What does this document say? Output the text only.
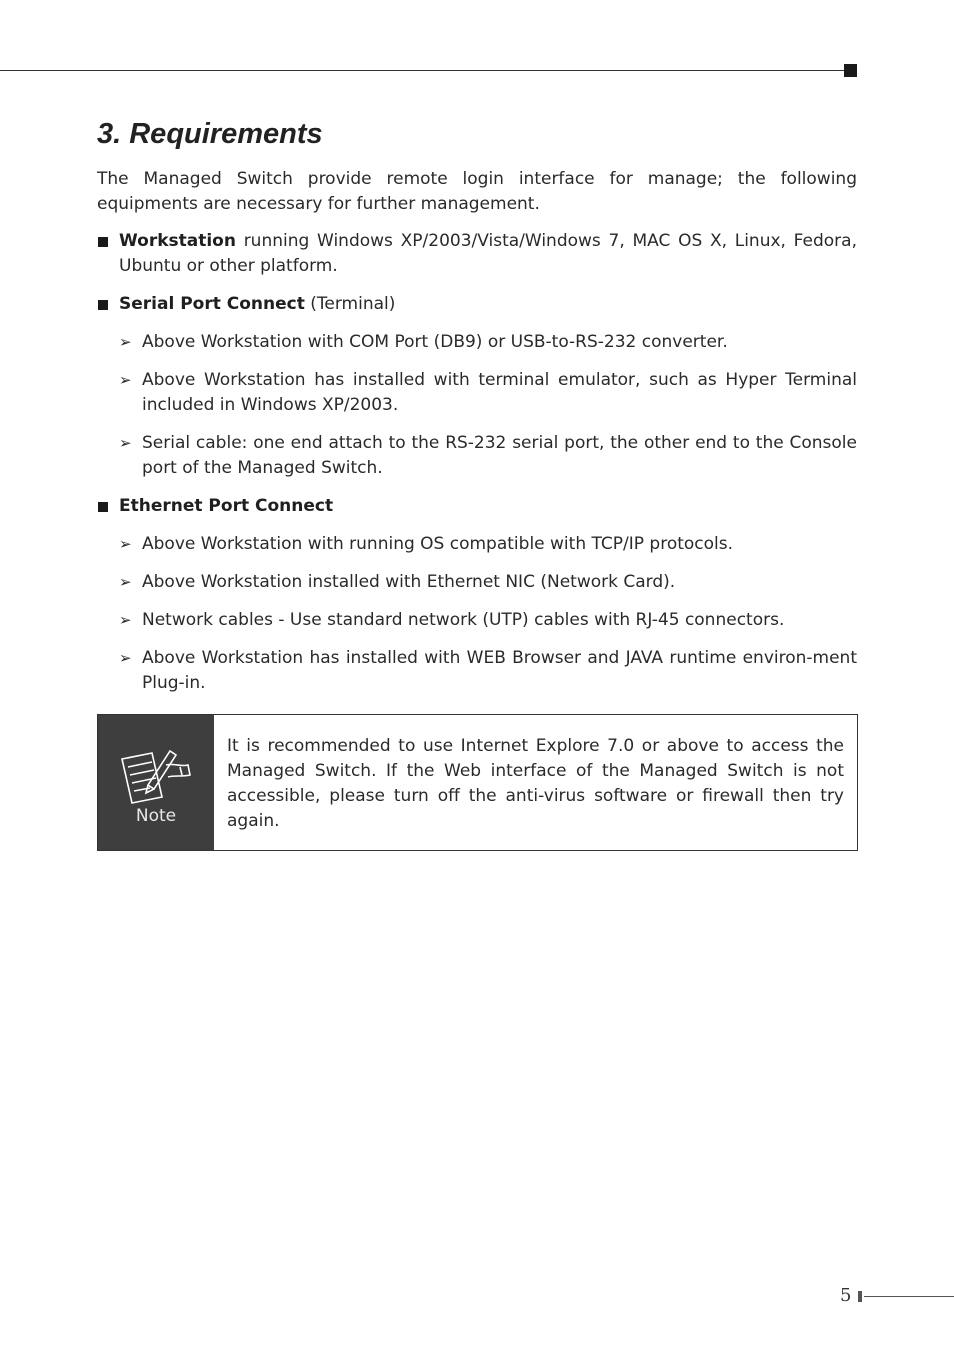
3. Requirements

The Managed Switch provide remote login interface for manage; the following equipments are necessary for further management.

Workstation running Windows XP/2003/Vista/Windows 7, MAC OS X, Linux, Fedora, Ubuntu or other platform.
Serial Port Connect (Terminal)
➢ Above Workstation with COM Port (DB9) or USB-to-RS-232 converter.
➢ Above Workstation has installed with terminal emulator, such as Hyper Terminal included in Windows XP/2003.
➢ Serial cable: one end attach to the RS-232 serial port, the other end to the Console port of the Managed Switch.
Ethernet Port Connect
➢ Above Workstation with running OS compatible with TCP/IP protocols.
➢ Above Workstation installed with Ethernet NIC (Network Card).
➢ Network cables - Use standard network (UTP) cables with RJ-45 connectors.
➢ Above Workstation has installed with WEB Browser and JAVA runtime environ-ment Plug-in.
Note
It is recommended to use Internet Explore 7.0 or above to access the Managed Switch. If the Web interface of the Managed Switch is not accessible, please turn off the anti-virus software or firewall then try again.
5
